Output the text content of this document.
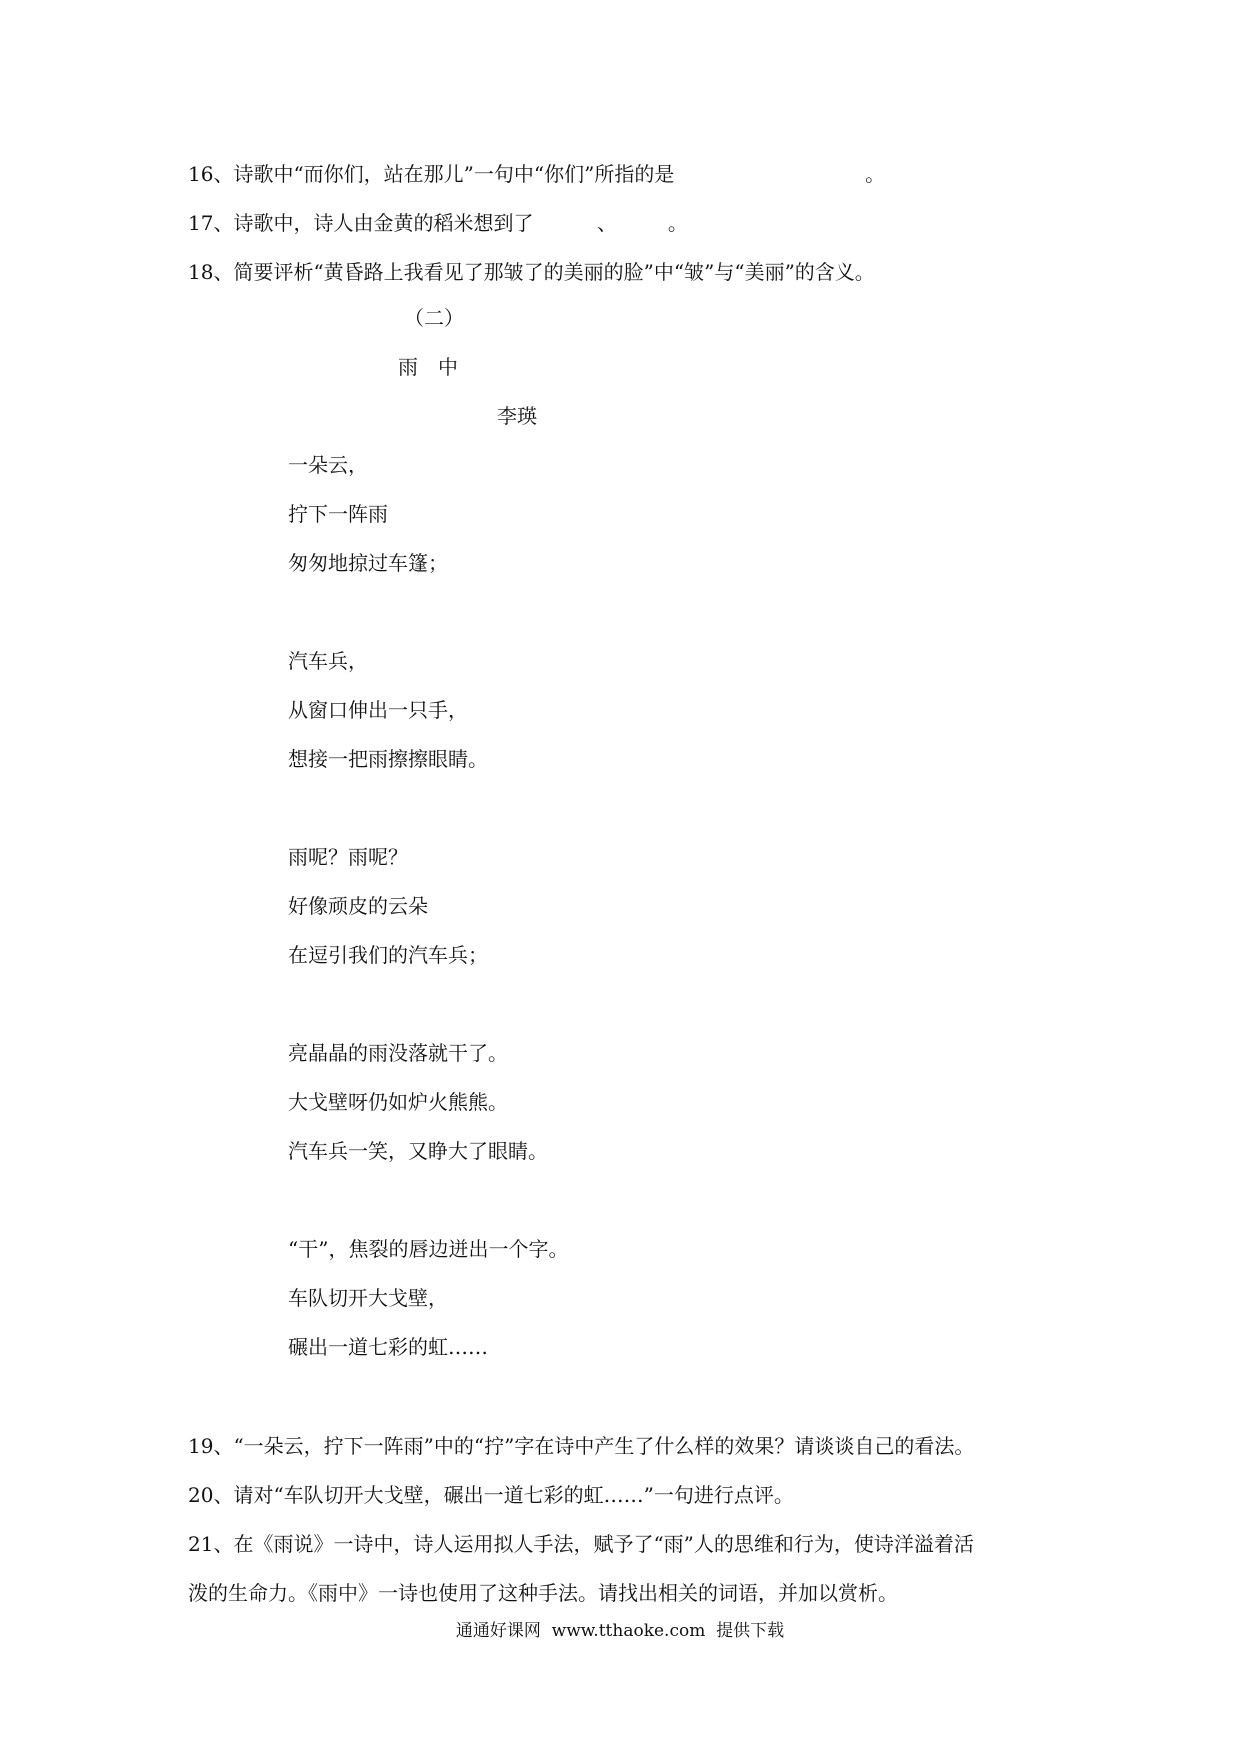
16、诗歌中“而你们，站在那儿”一句中“你们”所指的是                              。
17、诗歌中，诗人由金黄的稻米想到了          、        。
18、简要评析“黄昏路上我看见了那皱了的美丽的脸”中“皱”与“美丽”的含义。
（二）
雨中
李瑛
一朵云，
拧下一阵雨
匆匆地掠过车篷；
汽车兵，
从窗口伸出一只手，
想接一把雨擦擦眼睛。
雨呢？雨呢？
好像顽皮的云朵
在逗引我们的汽车兵；
亮晶晶的雨没落就干了。
大戈壁呀仍如炉火熊熊。
汽车兵一笑，又睁大了眼睛。
“干”，焦裂的唇边迸出一个字。
车队切开大戈壁，
碾出一道七彩的虹……
19、“一朵云，拧下一阵雨”中的“拧”字在诗中产生了什么样的效果？请谈谈自己的看法。
20、请对“车队切开大戈壁，碾出一道七彩的虹……”一句进行点评。
21、在《雨说》一诗中，诗人运用拟人手法，赋予了“雨”人的思维和行为，使诗洋溢着活
泼的生命力。《雨中》一诗也使用了这种手法。请找出相关的词语，并加以赏析。
通通好课网  www.tthaoke.com  提供下载
